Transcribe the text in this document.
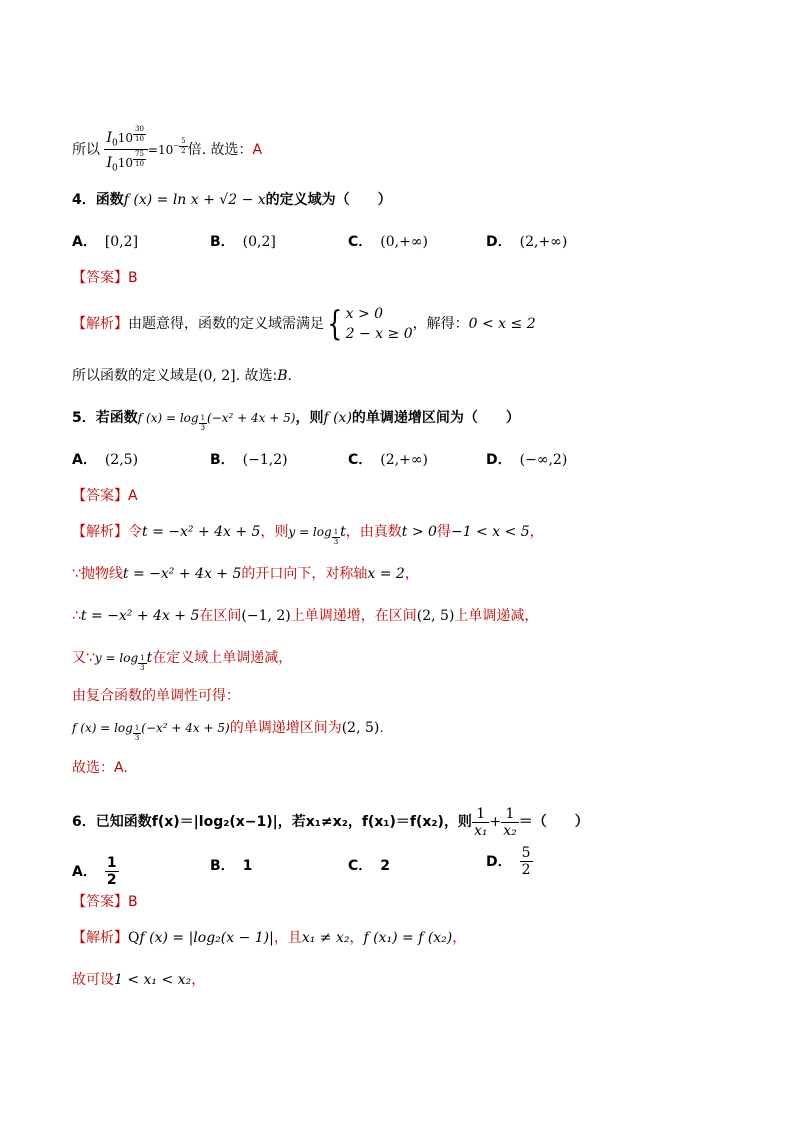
所以 $I_010$ $^{\frac{30}{10}}$
$I_010$ $^{\frac{75}{10}} =10^{- \frac{5}{2}}$ 倍. 故选：A
4．函数f (x) = ln x + √2 − x的定义域为（　　）
A． [0,2]	B． (0,2]	C． (0,+∞)	D． (2,+∞)
【答案】B
【解析】由题意得，函数的定义域需满足{ x > 0
2 − x ≥ 0
，解得：0 < x ≤ 2
所以函数的定义域是(0, 2]. 故选:B.
5．若函数f (x) = log $_{\frac{1}{3}}$ (−x² + 4x + 5)，则f (x)的单调递增区间为（　　）
A． (2,5)	B． (−1,2)	C． (2,+∞)	D． (−∞,2)
【答案】A
【解析】令t = −x² + 4x + 5，则y = log $_{\frac{1}{3}}$ t，由真数t > 0得−1 < x < 5，
∵抛物线t = −x² + 4x + 5的开口向下，对称轴x = 2，
∴t = −x² + 4x + 5在区间(−1, 2)上单调递增，在区间(2, 5)上单调递减，
又∵y = log $_{\frac{1}{3}}$ t在定义域上单调递减，
由复合函数的单调性可得：
f (x) = log $_{\frac{1}{3}}$ (−x² + 4x + 5)的单调递增区间为(2, 5).
故选：A.
6．已知函数f(x)＝|log₂(x−1)|，若x₁≠x₂，f(x₁)＝f(x₂)，则 $\frac{1}{\text{x₁}} + \frac{1}{\text{x₂}}$ ＝（　　）
A． $\frac{1}{2}$	B． 1	C． 2	D． $\frac{5}{2}$
【答案】B
【解析】Qf (x) = |log₂(x − 1)|，且x₁ ≠ x₂，f (x₁) = f (x₂)，
故可设1 < x₁ < x₂，
